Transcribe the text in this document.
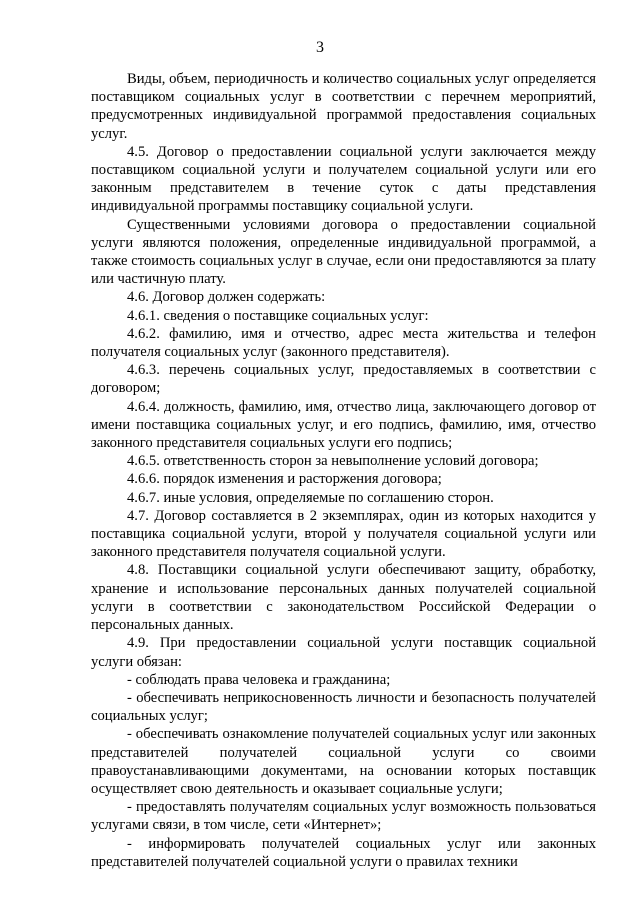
3

Виды, объем, периодичность и количество социальных услуг определяется поставщиком социальных услуг в соответствии с перечнем мероприятий, предусмотренных индивидуальной программой предоставления социальных услуг.

4.5. Договор о предоставлении социальной услуги заключается между поставщиком социальной услуги и получателем социальной услуги или его законным представителем в течение суток с даты представления индивидуальной программы поставщику социальной услуги.

Существенными условиями договора о предоставлении социальной услуги являются положения, определенные индивидуальной программой, а также стоимость социальных услуг в случае, если они предоставляются за плату или частичную плату.

4.6. Договор должен содержать:

4.6.1. сведения о поставщике социальных услуг:

4.6.2. фамилию, имя и отчество, адрес места жительства и телефон получателя социальных услуг (законного представителя).

4.6.3. перечень социальных услуг, предоставляемых в соответствии с договором;

4.6.4. должность, фамилию, имя, отчество лица, заключающего договор от имени поставщика социальных услуг, и его подпись, фамилию, имя, отчество законного представителя социальных услуги его подпись;

4.6.5. ответственность сторон за невыполнение условий договора;

4.6.6. порядок изменения и расторжения договора;

4.6.7. иные условия, определяемые по соглашению сторон.

4.7. Договор составляется в 2 экземплярах, один из которых находится у поставщика социальной услуги, второй у получателя социальной услуги или законного представителя получателя социальной услуги.

4.8. Поставщики социальной услуги обеспечивают защиту, обработку, хранение и использование персональных данных получателей социальной услуги в соответствии с законодательством Российской Федерации о персональных данных.

4.9. При предоставлении социальной услуги поставщик социальной услуги обязан:

- соблюдать права человека и гражданина;

- обеспечивать неприкосновенность личности и безопасность получателей социальных услуг;

- обеспечивать ознакомление получателей социальных услуг или законных представителей получателей социальной услуги со своими правоустанавливающими документами, на основании которых поставщик осуществляет свою деятельность и оказывает социальные услуги;

- предоставлять получателям социальных услуг возможность пользоваться услугами связи, в том числе, сети «Интернет»;

- информировать получателей социальных услуг или законных представителей получателей социальной услуги о правилах техники
